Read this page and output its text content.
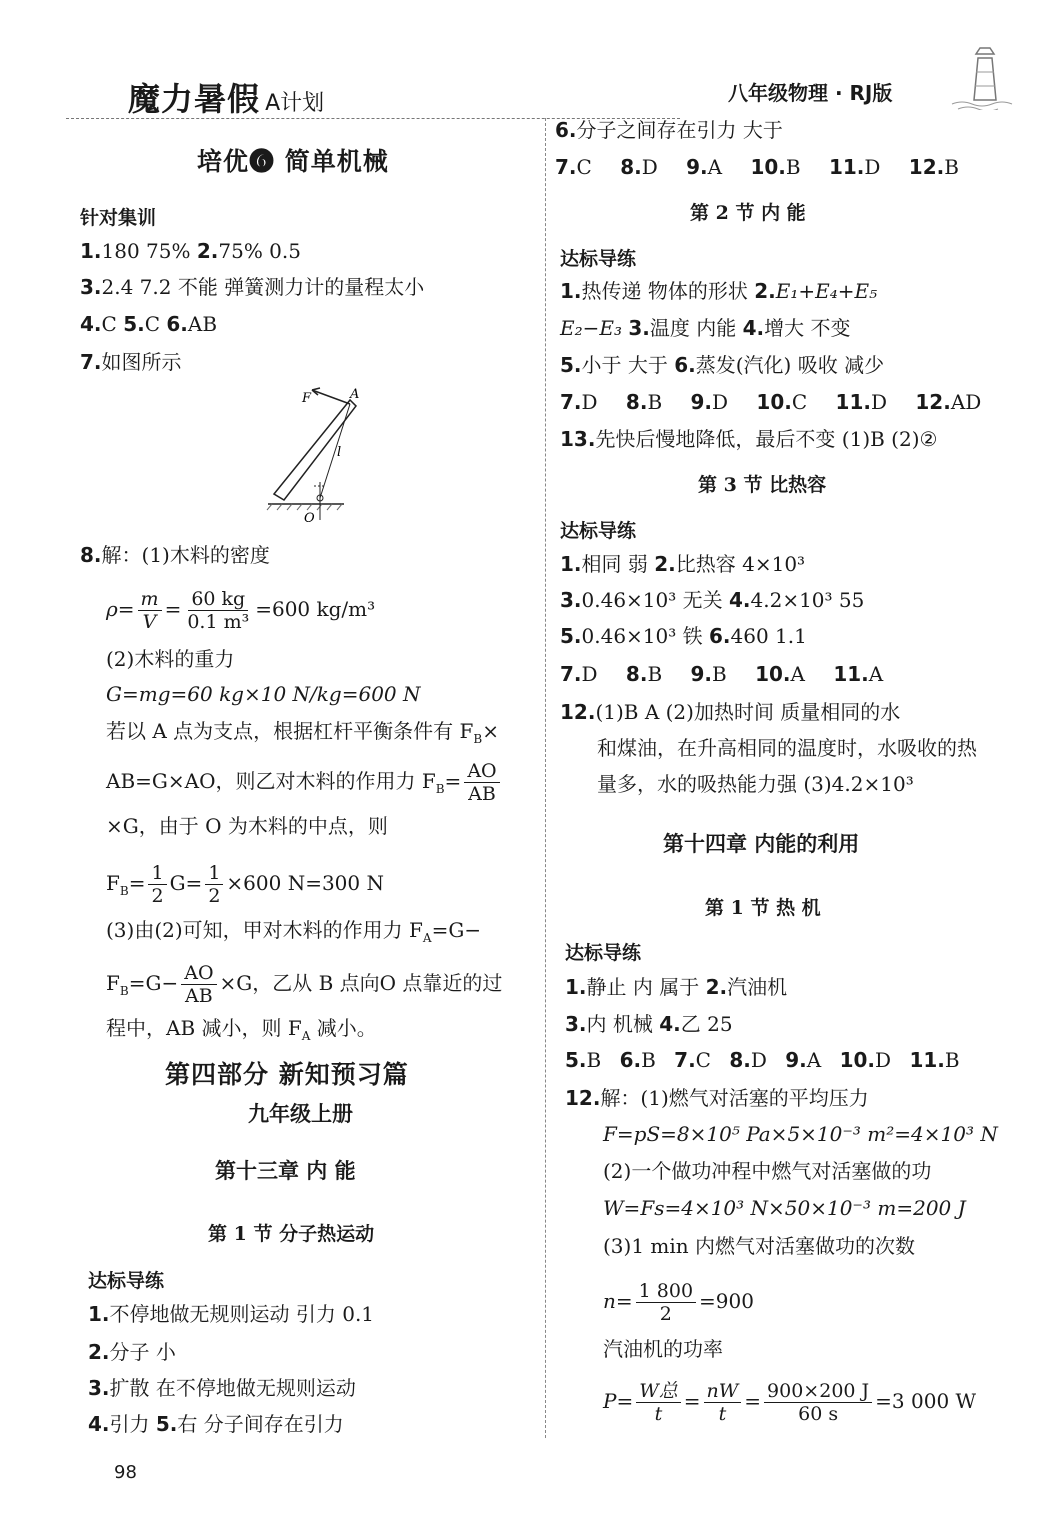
魔力暑假 A计划	八年级物理 · RJ版
培优❻ 简单机械
针对集训
1.180 75% 2.75% 0.5
3.2.4 7.2 不能 弹簧测力计的量程太小
4.C 5.C 6.AB
7.如图所示
F	A
l
O
8.解：(1)木料的密度
$\rho= \frac{m}{V} = \frac{60 kg}{\text{0.1 m³}} =600$ kg/m³
(2)木料的重力
G=mg=60 kg×10 N/kg=600 N
若以 A 点为支点，根据杠杆平衡条件有 $F_B\times$
AB=G×AO，则乙对木料的作用力 $F_B= \frac{AO}{AB}$
×G，由于 O 为木料的中点，则
$F_B= \frac{1}{2} G= \frac{1}{2} \times 600$ N=300 N
(3)由(2)可知，甲对木料的作用力 $F_A=G-$
$F_B=G- \frac{AO}{AB} \times G$，乙从 B 点向O 点靠近的过
程中，AB 减小，则 $F_A$ 减小。
第四部分 新知预习篇
九年级上册
第十三章 内 能
第 1 节 分子热运动
达标导练
1.不停地做无规则运动 引力 0.1
2.分子 小
3.扩散 在不停地做无规则运动
4.引力 5.右 分子间存在引力
98
6.分子之间存在引力 大于
7.C 8.D 9.A 10.B 11.D 12.B
第 2 节 内 能
达标导练
1.热传递 物体的形状 2.E₁+E₄+E₅
E₂−E₃ 3.温度 内能 4.增大 不变
5.小于 大于 6.蒸发(汽化) 吸收 减少
7.D 8.B 9.D 10.C 11.D 12.AD
13.先快后慢地降低，最后不变 (1)B (2)②
第 3 节 比热容
达标导练
1.相同 弱 2.比热容 4×10³
3.0.46×10³ 无关 4.4.2×10³ 55
5.0.46×10³ 铁 6.460 1.1
7.D 8.B 9.B 10.A 11.A
12.(1)B A (2)加热时间 质量相同的水
和煤油，在升高相同的温度时，水吸收的热
量多，水的吸热能力强 (3)4.2×10³
第十四章 内能的利用
第 1 节 热 机
达标导练
1.静止 内 属于 2.汽油机
3.内 机械 4.乙 25
5.B 6.B 7.C 8.D 9.A 10.D 11.B
12.解：(1)燃气对活塞的平均压力
F=pS=8×10⁵ Pa×5×10⁻³ m²=4×10³ N
(2)一个做功冲程中燃气对活塞做的功
W=Fs=4×10³ N×50×10⁻³ m=200 J
(3)1 min 内燃气对活塞做功的次数
$n= \frac{1 800}{2} =900$
汽油机的功率
$P= \frac{\text{W总}}{t} = \frac{nW}{t} = \frac{900\times 200 J}{60 s} =3$ 000 W
